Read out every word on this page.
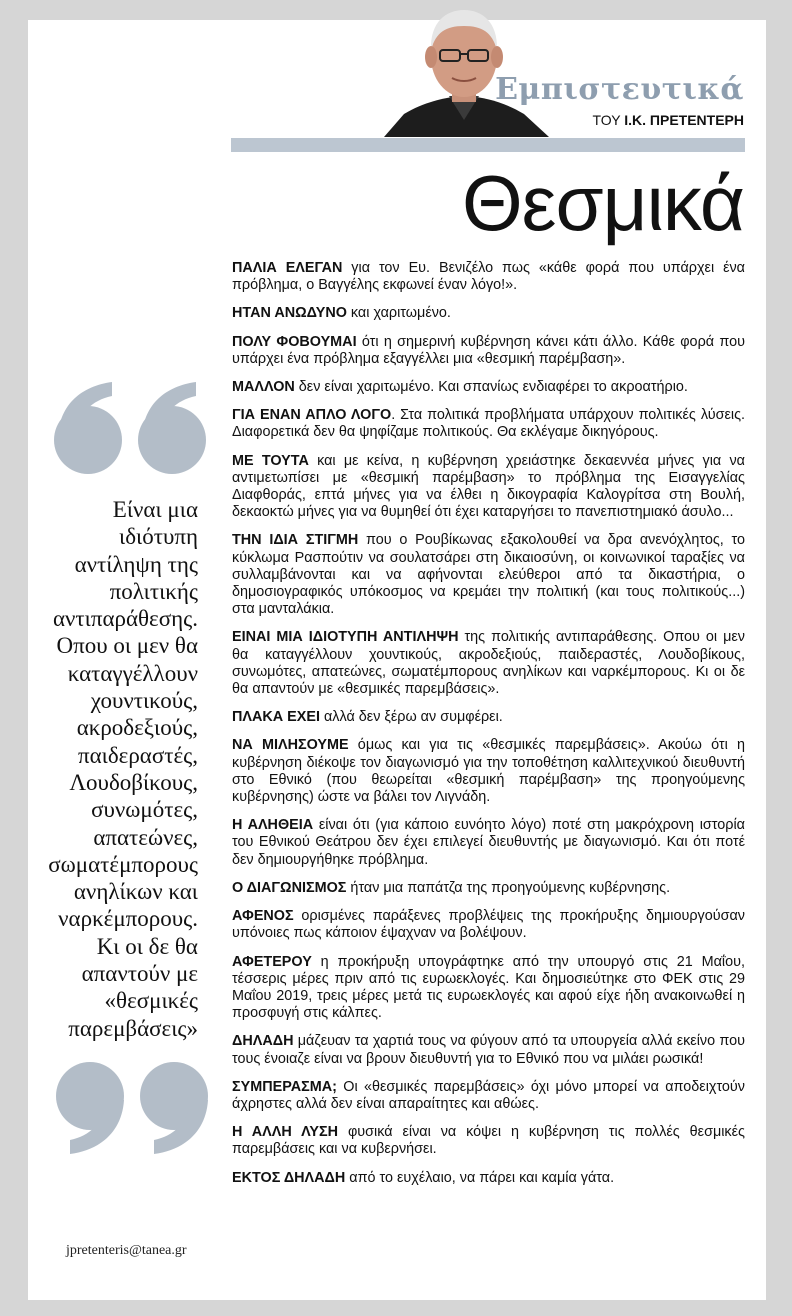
Εμπιστευτικά
ΤΟΥ Ι.Κ. ΠΡΕΤΕΝΤΕΡΗ
Θεσμικά
Είναι μια ιδιότυπη αντίληψη της πολιτικής αντιπαράθεσης. Οπου οι μεν θα καταγγέλλουν χουντικούς, ακροδεξιούς, παιδεραστές, Λουδοβίκους, συνωμότες, απατεώνες, σωματέμπορους ανηλίκων και ναρκέμπορους. Κι οι δε θα απαντούν με «θεσμικές παρεμβάσεις»
jpretenteris@tanea.gr

ΠΑΛΙΑ ΕΛΕΓΑΝ για τον Ευ. Βενιζέλο πως «κάθε φορά που υπάρχει ένα πρόβλημα, ο Βαγγέλης εκφωνεί έναν λόγο!».

ΗΤΑΝ ΑΝΩΔΥΝΟ και χαριτωμένο.

ΠΟΛΥ ΦΟΒΟΥΜΑΙ ότι η σημερινή κυβέρνηση κάνει κάτι άλλο. Κάθε φορά που υπάρχει ένα πρόβλημα εξαγγέλλει μια «θεσμική παρέμβαση».

ΜΑΛΛΟΝ δεν είναι χαριτωμένο. Και σπανίως ενδιαφέρει το ακροατήριο.

ΓΙΑ ΕΝΑΝ ΑΠΛΟ ΛΟΓΟ. Στα πολιτικά προβλήματα υπάρχουν πολιτικές λύσεις. Διαφορετικά δεν θα ψηφίζαμε πολιτικούς. Θα εκλέγαμε δικηγόρους.

ΜΕ ΤΟΥΤΑ και με κείνα, η κυβέρνηση χρειάστηκε δεκαεννέα μήνες για να αντιμετωπίσει με «θεσμική παρέμβαση» το πρόβλημα της Εισαγγελίας Διαφθοράς, επτά μήνες για να έλθει η δικογραφία Καλογρίτσα στη Βουλή, δεκαοκτώ μήνες για να θυμηθεί ότι έχει καταργήσει το πανεπιστημιακό άσυλο...

ΤΗΝ ΙΔΙΑ ΣΤΙΓΜΗ που ο Ρουβίκωνας εξακολουθεί να δρα ανενόχλητος, το κύκλωμα Ρασπούτιν να σουλατσάρει στη δικαιοσύνη, οι κοινωνικοί ταραξίες να συλλαμβάνονται και να αφήνονται ελεύθεροι από τα δικαστήρια, ο δημοσιογραφικός υπόκοσμος να κρεμάει την πολιτική (και τους πολιτικούς...) στα μανταλάκια.

ΕΙΝΑΙ ΜΙΑ ΙΔΙΟΤΥΠΗ ΑΝΤΙΛΗΨΗ της πολιτικής αντιπαράθεσης. Οπου οι μεν θα καταγγέλλουν χουντικούς, ακροδεξιούς, παιδεραστές, Λουδοβίκους, συνωμότες, απατεώνες, σωματέμπορους ανηλίκων και ναρκέμπορους. Κι οι δε θα απαντούν με «θεσμικές παρεμβάσεις».

ΠΛΑΚΑ ΕΧΕΙ αλλά δεν ξέρω αν συμφέρει.

ΝΑ ΜΙΛΗΣΟΥΜΕ όμως και για τις «θεσμικές παρεμβάσεις». Ακούω ότι η κυβέρνηση διέκοψε τον διαγωνισμό για την τοποθέτηση καλλιτεχνικού διευθυντή στο Εθνικό (που θεωρείται «θεσμική παρέμβαση» της προηγούμενης κυβέρνησης) ώστε να βάλει τον Λιγνάδη.

Η ΑΛΗΘΕΙΑ είναι ότι (για κάποιο ευνόητο λόγο) ποτέ στη μακρόχρονη ιστορία του Εθνικού Θεάτρου δεν έχει επιλεγεί διευθυντής με διαγωνισμό. Και ότι ποτέ δεν δημιουργήθηκε πρόβλημα.

Ο ΔΙΑΓΩΝΙΣΜΟΣ ήταν μια παπάτζα της προηγούμενης κυβέρνησης.

ΑΦΕΝΟΣ ορισμένες παράξενες προβλέψεις της προκήρυξης δημιουργούσαν υπόνοιες πως κάποιον έψαχναν να βολέψουν.

ΑΦΕΤΕΡΟΥ η προκήρυξη υπογράφτηκε από την υπουργό στις 21 Μαΐου, τέσσερις μέρες πριν από τις ευρωεκλογές. Και δημοσιεύτηκε στο ΦΕΚ στις 29 Μαΐου 2019, τρεις μέρες μετά τις ευρωεκλογές και αφού είχε ήδη ανακοινωθεί η προσφυγή στις κάλπες.

ΔΗΛΑΔΗ μάζευαν τα χαρτιά τους να φύγουν από τα υπουργεία αλλά εκείνο που τους ένοιαζε είναι να βρουν διευθυντή για το Εθνικό που να μιλάει ρωσικά!

ΣΥΜΠΕΡΑΣΜΑ; Οι «θεσμικές παρεμβάσεις» όχι μόνο μπορεί να αποδειχτούν άχρηστες αλλά δεν είναι απαραίτητες και αθώες.

Η ΑΛΛΗ ΛΥΣΗ φυσικά είναι να κόψει η κυβέρνηση τις πολλές θεσμικές παρεμβάσεις και να κυβερνήσει.

ΕΚΤΟΣ ΔΗΛΑΔΗ από το ευχέλαιο, να πάρει και καμία γάτα.
